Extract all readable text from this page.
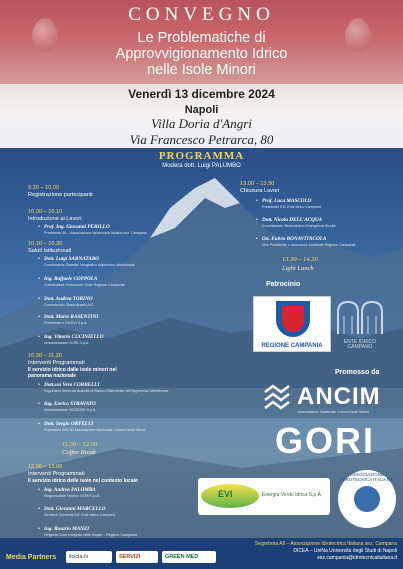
CONVEGNO
Le Problematiche di
Approvvigionamento Idrico
nelle Isole Minori
Venerdì 13 dicembre 2024
Napoli
Villa Doria d'Angri
Via Francesco Petrarca, 80
PROGRAMMA
Modera dott. Luigi PALUMBO
9.30 – 10.00
Registrazione partecipanti
10.00 – 10.10
Introduzione ai Lavori
• Prof. Ing. Giovanni PERILLO
Presidente AII – Associazione Idrotecnica Italiana sez. Campana
10.10 – 10.30
Saluti Istituzionali
• Dott. Luigi SARNATARO
Coordinatore Distretto Idrografico Appennino Meridionale
• Ing. Raffaele COPPOLA
Coordinatore Protezione Civile Regione Campania
• Dott. Andrea TORINO
Commissario Straordinario AIC
• Dott. Mario RASENTINI
Presidente e DA EVI S.p.A.
• Ing. Vittorio CUCINIELLO
Amministratore GORI S.p.A.
10.30 – 11.30
Interventi Programmati
Il servizio idrico dalle isole minori nel
panorama nazionale
• Dott.ssa Vera CORBELLI
Segretario Generale Autorità di Bacino Distrettuale dell'Appennino Meridionale
• Ing. Enrico STRAVATO
Amministratore SOGESID S.p.A.
• Dott. Sergio ORTELLI
Presidente ANCIM Associazione Nazionale Comuni Isole Minori
11.30 – 12.00
Coffee Break
12.00 – 13.00
Interventi Programmati
Il servizio idrico delle isole nel contesto locale
• Ing. Andrea PALOMBA
Responsabile Tecnico GORI S.p.A.
• Dott. Giovanni MARCELLO
Direttore Generale EIC Ente Idrico Campano
• Ing. Rosario MANZI
Dirigente Ciclo Integrato delle Acque – Regione Campania
13.00 – 13.30
Chiusura Lavori
• Prof. Luca MASCOLO
Presidente EIC Ente Idrico Campano
• Dott. Nicola DELL'ACQUA
Commissario Straordinario Emergenza Siccità
• On. Fulvio BONAVITACOLA
Vice Presidente e Assessore Ambiente Regione Campania
13.30 – 14.30
Light Lunch
Patrocinio
REGIONE CAMPANIA
ENTE IDRICO
CAMPANO
Promosso da
ANCIM
Associazione Nazionale Comuni Isole Minori
GORI
EVI	Energia Verde Idrica S.p.A.
ASSOCIAZIONE IDROTECNICA ITALIANA
Media Partners	ilcicla.tv	SERVIZI	GREEN MED
Segreteria AII – Associazione Idrotecnica Italiana sez. Campana
DICEA – UniNa Università degli Studi di Napoli
sez.campania@idrotecnicaitaliana.it
